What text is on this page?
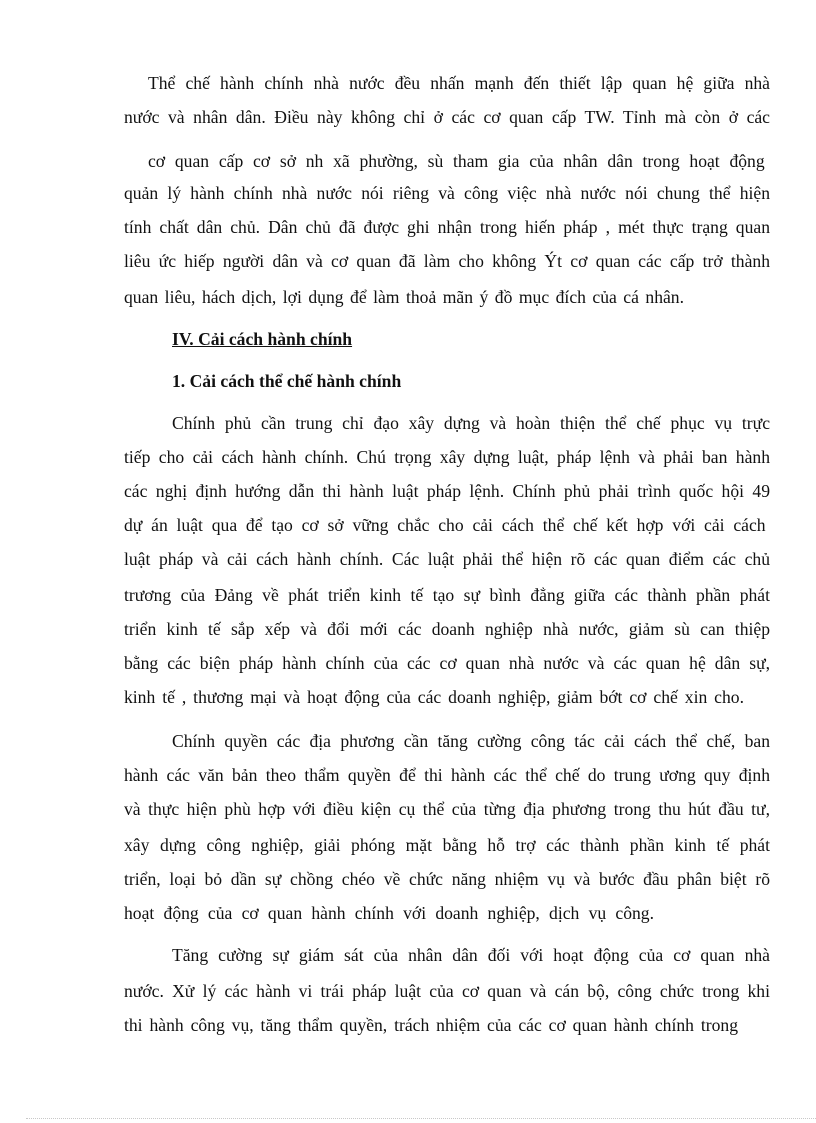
Thể chế hành chính nhà nước đều nhấn mạnh đến thiết lập quan hệ giữa nhà
nước và nhân dân. Điều này không chỉ ở các cơ quan cấp TW. Tỉnh mà còn ở các
cơ quan cấp cơ sở nh xã phường, sù tham gia của nhân dân trong hoạt động
quản lý hành chính nhà nước nói riêng và công việc nhà nước nói chung thể hiện
tính chất dân chủ. Dân chủ đã được ghi nhận trong hiến pháp , mét thực trạng quan
liêu ức hiếp người dân và cơ quan đã làm cho không Ýt cơ quan các cấp trở thành
quan liêu, hách dịch, lợi dụng để làm thoả mãn ý đồ mục đích của cá nhân.
IV. Cải cách hành chính
1. Cải cách thể chế hành chính
Chính phủ cần trung chỉ đạo xây dựng và hoàn thiện thể chế phục vụ trực
tiếp cho cải cách hành chính. Chú trọng xây dựng luật, pháp lệnh và phải ban hành
các nghị định hướng dẫn thi hành luật pháp lệnh. Chính phủ phải trình quốc hội 49
dự án luật qua để tạo cơ sở vững chắc cho cải cách thể chế kết hợp với cải cách
luật pháp và cải cách hành chính. Các luật phải thể hiện rõ các quan điểm các chủ
trương của Đảng về phát triển kinh tế tạo sự bình đẳng giữa các thành phần phát
triển kinh tế sắp xếp và đổi mới các doanh nghiệp nhà nước, giảm sù can thiệp
bằng các biện pháp hành chính của các cơ quan nhà nước và các quan hệ dân sự,
kinh tế , thương mại và hoạt động của các doanh nghiệp, giảm bớt cơ chế xin cho.
Chính quyền các địa phương cần tăng cường công tác cải cách thể chế, ban
hành các văn bản theo thẩm quyền để thi hành các thể chế do trung ương quy định
và thực hiện phù hợp với điều kiện cụ thể của từng địa phương trong thu hút đầu tư,
xây dựng công nghiệp, giải phóng mặt bằng hỗ trợ các thành phần kinh tế phát
triển, loại bỏ dần sự chồng chéo về chức năng nhiệm vụ và bước đầu phân biệt rõ
hoạt động của cơ quan hành chính với doanh nghiệp, dịch vụ công.
Tăng cường sự giám sát của nhân dân đối với hoạt động của cơ quan nhà
nước. Xử lý các hành vi trái pháp luật của cơ quan và cán bộ, công chức trong khi
thi hành công vụ, tăng thẩm quyền, trách nhiệm của các cơ quan hành chính trong
